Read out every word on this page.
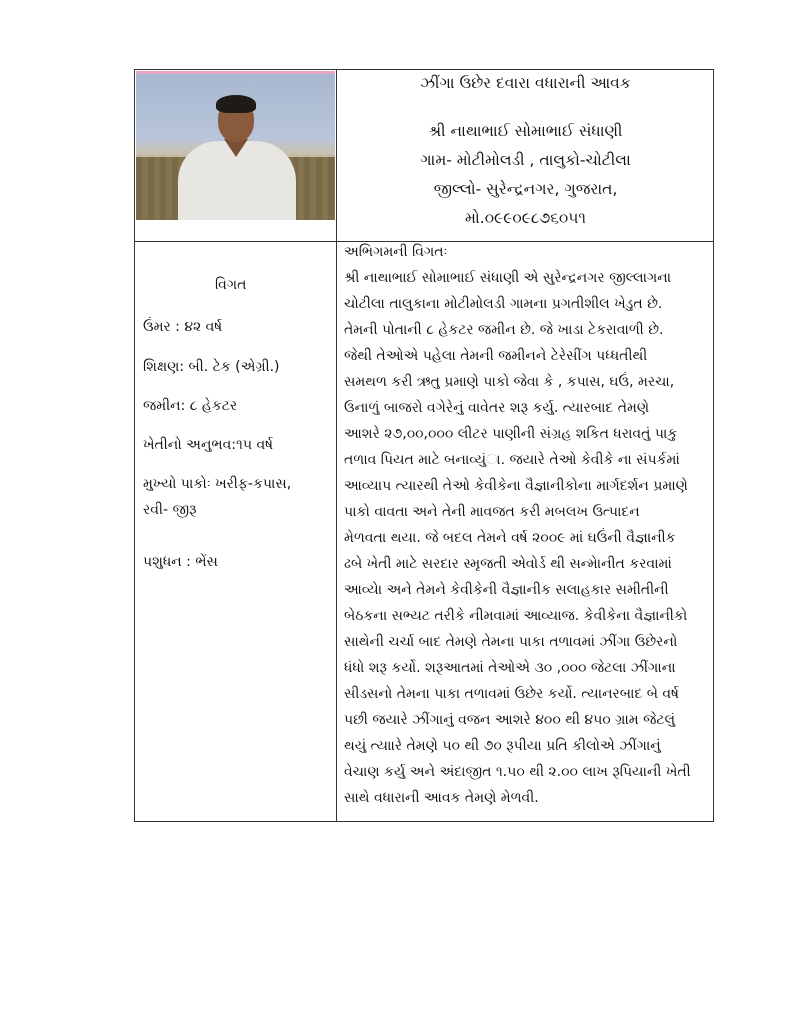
ઝીંગા ઉછેર દવારા વધારાની આવક
શ્રી નાથાભાઈ સોમાભાઈ સંધાણી
ગામ- મોટીમોલડી , તાલુકો-ચોટીલા
જીલ્લો- સુરેન્દ્રનગર, ગુજરાત,
મો.૦૯૯૦૯૮૭૬૦૫૧
વિગત
ઉંમર : ૪૨ વર્ષ
શિક્ષણ: બી. ટેક (એગ્રી.)
જમીન: ૮ હેકટર
ખેતીનો અનુભવ:૧૫ વર્ષ
મુખ્યો પાકોઃ ખરીફ-કપાસ,
રવી- જીરૂ
પશુધન : ભેંસ
અભિગમની વિગતઃ
શ્રી નાથાભાઈ સોમાભાઈ સંધાણી એ સુરેન્દ્રનગર જીલ્લાગના
ચોટીલા તાલુકાના મોટીમોલડી ગામના પ્રગતીશીલ ખેડુત છે.
તેમની પોતાની ૮ હેકટર જમીન છે. જે ખાડા ટેકરાવાળી છે.
જેથી તેઓએ પહેલા તેમની જમીનને ટેરેસીંગ પધ્ધતીથી
સમથળ કરી ઋતુ પ્રમાણે પાકો જેવા કે , કપાસ, ઘઉં, મરચા,
ઉનાળું બાજરો વગેરેનું વાવેતર શરૂ કર્યુ. ત્યારબાદ તેમણે
આશરે ૨૭,૦૦,૦૦૦ લીટર પાણીની સંગ્રહ શકિત ધરાવતું પાકુ
તળાવ પિયત માટે બનાવ્યુંા. જયારે તેઓ કેવીકે ના સંપર્કમાં
આવ્યાપ ત્યારથી તેઓ કેવીકેના વૈજ્ઞાનીકોના માર્ગદર્શન પ્રમાણે
પાકો વાવતા અને તેની માવજત કરી મબલખ ઉત્પાદન
મેળવતા થયા. જે બદલ તેમને વર્ષ ૨૦૦૯ માં ઘઉંની વૈજ્ઞાનીક
ઢબે ખેતી માટે સરદાર સ્મૃજતી એવોર્ડ થી સન્માેનીત કરવામાં
આવ્યાે અને તેમને કેવીકેની વૈજ્ઞાનીક સલાહકાર સમીતીની
બેઠકના સભ્યટ તરીકે નીમવામાં આવ્યાજ. કેવીકેના વૈજ્ઞાનીકો
સાથેની ચર્ચા બાદ તેમણે તેમના પાકા તળાવમાં ઝીંગા ઉછેરનો
ધંધો શરૂ કર્યો. શરૂઆતમાં તેઓએ ૩૦ ,૦૦૦ જેટલા ઝીંગાના
સીડસનો તેમના પાકા તળાવમાં ઉછેર કર્યો. ત્યાનરબાદ બે વર્ષ
પછી જયારે ઝીંગાનું વજન આશરે ૪૦૦ થી ૪૫૦ ગ્રામ જેટલું
થયું ત્યાારે તેમણે ૫૦ થી ૭૦ રૂપીયા પ્રતિ કીલોએ ઝીંગાનું
વેચાણ કર્યુ અને અંદાજીત ૧.૫૦ થી ૨.૦૦ લાખ રૂપિયાની ખેતી
સાથે વધારાની આવક તેમણે મેળવી.
